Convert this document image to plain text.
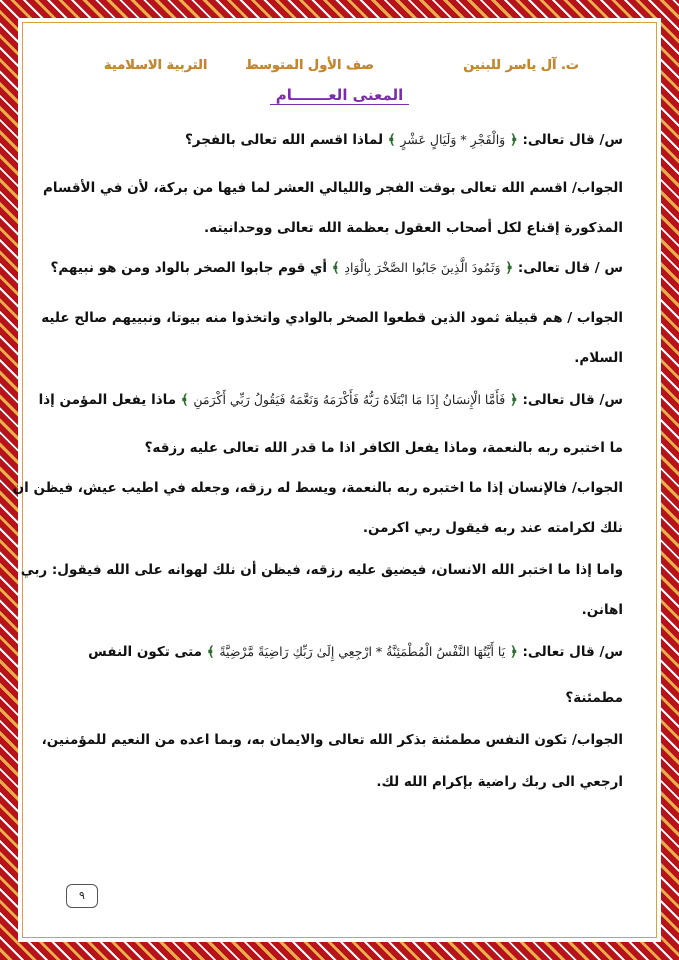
ت. آل ياسر للبنين
صف الأول المتوسط
التربية الاسلامية
المعنى العـــــــام
س/ قال تعالى: ﴿ وَالْفَجْرِ * وَلَيَالٍ عَشْرٍ ﴾ لماذا اقسم الله تعالى بالفجر؟
الجواب/ اقسم الله تعالى بوقت الفجر والليالي العشر لما فيها من بركة، لأن في الأقسام
المذكورة إقناع لكل أصحاب العقول بعظمة الله تعالى ووحدانيته.
س / قال تعالى: ﴿ وَثَمُودَ الَّذِينَ جَابُوا الصَّخْرَ بِالْوَادِ ﴾ أي قوم جابوا الصخر بالواد ومن هو نبيهم؟
الجواب / هم قبيلة ثمود الذين قطعوا الصخر بالوادي واتخذوا منه بيوتا، ونبييهم صالح عليه
السلام.
س/ قال تعالى: ﴿ فَأَمَّا الْإِنسَانُ إِذَا مَا ابْتَلَاهُ رَبُّهُ فَأَكْرَمَهُ وَنَعَّمَهُ فَيَقُولُ رَبِّي أَكْرَمَنِ ﴾ ماذا يفعل المؤمن إذا
ما اختبره ربه بالنعمة، وماذا يفعل الكافر اذا ما قدر الله تعالى عليه رزقه؟
الجواب/ فالإنسان إذا ما اختبره ربه بالنعمة، ويسط له رزقه، وجعله في اطيب عيش، فيظن ان
نلك لكرامته عند ربه فيقول ربي اكرمن.
واما إذا ما اختبر الله الانسان، فيضيق عليه رزقه، فيظن أن نلك لهوانه على الله فيقول: ربي
اهانن.
س/ قال تعالى: ﴿ يَا أَيَّتُهَا النَّفْسُ الْمُطْمَئِنَّةُ * ارْجِعِي إِلَىٰ رَبِّكِ رَاضِيَةً مَّرْضِيَّةً ﴾ متى تكون النفس
مطمئنة؟
الجواب/ تكون النفس مطمئنة بذكر الله تعالى والايمان به، وبما اعده من النعيم للمؤمنين،
ارجعي الى ربك راضية بإكرام الله لك.
٩
